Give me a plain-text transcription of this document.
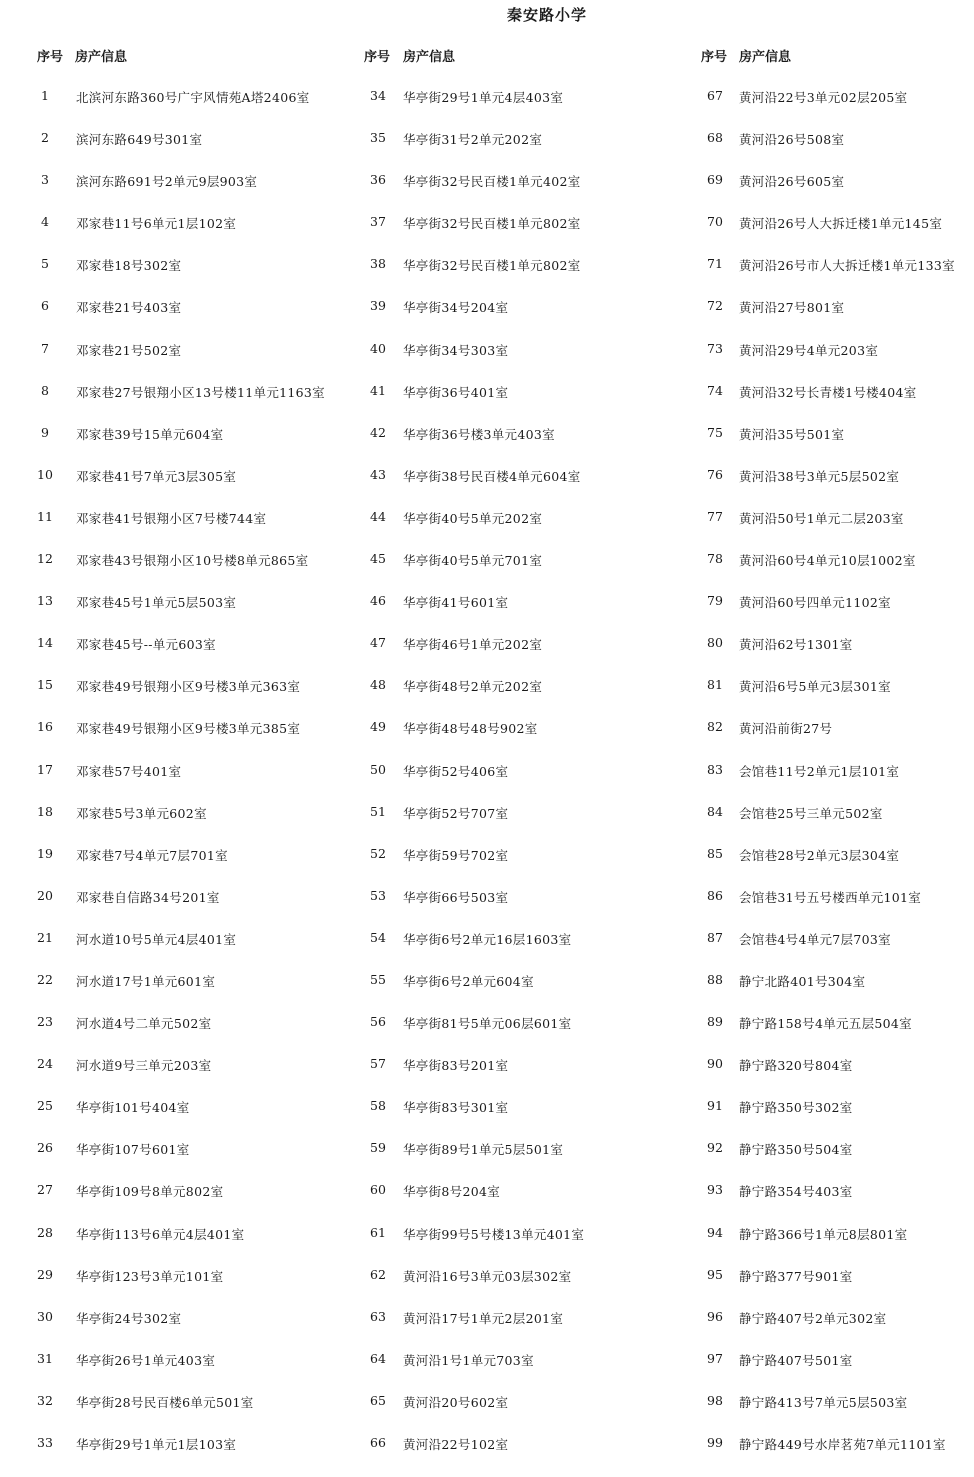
秦安路小学
序号 房产信息
1	北滨河东路360号广宇风情苑A塔2406室
2	滨河东路649号301室
3	滨河东路691号2单元9层903室
4	邓家巷11号6单元1层102室
5	邓家巷18号302室
6	邓家巷21号403室
7	邓家巷21号502室
8	邓家巷27号银翔小区13号楼11单元1163室
9	邓家巷39号15单元604室
10	邓家巷41号7单元3层305室
11	邓家巷41号银翔小区7号楼744室
12	邓家巷43号银翔小区10号楼8单元865室
13	邓家巷45号1单元5层503室
14	邓家巷45号--单元603室
15	邓家巷49号银翔小区9号楼3单元363室
16	邓家巷49号银翔小区9号楼3单元385室
17	邓家巷57号401室
18	邓家巷5号3单元602室
19	邓家巷7号4单元7层701室
20	邓家巷自信路34号201室
21	河水道10号5单元4层401室
22	河水道17号1单元601室
23	河水道4号二单元502室
24	河水道9号三单元203室
25	华亭街101号404室
26	华亭街107号601室
27	华亭街109号8单元802室
28	华亭街113号6单元4层401室
29	华亭街123号3单元101室
30	华亭街24号302室
31	华亭街26号1单元403室
32	华亭街28号民百楼6单元501室
33	华亭街29号1单元1层103室
序号 房产信息
34	华亭街29号1单元4层403室
35	华亭街31号2单元202室
36	华亭街32号民百楼1单元402室
37	华亭街32号民百楼1单元802室
38	华亭街32号民百楼1单元802室
39	华亭街34号204室
40	华亭街34号303室
41	华亭街36号401室
42	华亭街36号楼3单元403室
43	华亭街38号民百楼4单元604室
44	华亭街40号5单元202室
45	华亭街40号5单元701室
46	华亭街41号601室
47	华亭街46号1单元202室
48	华亭街48号2单元202室
49	华亭街48号48号902室
50	华亭街52号406室
51	华亭街52号707室
52	华亭街59号702室
53	华亭街66号503室
54	华亭街6号2单元16层1603室
55	华亭街6号2单元604室
56	华亭街81号5单元06层601室
57	华亭街83号201室
58	华亭街83号301室
59	华亭街89号1单元5层501室
60	华亭街8号204室
61	华亭街99号5号楼13单元401室
62	黄河沿16号3单元03层302室
63	黄河沿17号1单元2层201室
64	黄河沿1号1单元703室
65	黄河沿20号602室
66	黄河沿22号102室
序号 房产信息
67	黄河沿22号3单元02层205室
68	黄河沿26号508室
69	黄河沿26号605室
70	黄河沿26号人大拆迁楼1单元145室
71	黄河沿26号市人大拆迁楼1单元133室
72	黄河沿27号801室
73	黄河沿29号4单元203室
74	黄河沿32号长青楼1号楼404室
75	黄河沿35号501室
76	黄河沿38号3单元5层502室
77	黄河沿50号1单元二层203室
78	黄河沿60号4单元10层1002室
79	黄河沿60号四单元1102室
80	黄河沿62号1301室
81	黄河沿6号5单元3层301室
82	黄河沿前街27号
83	会馆巷11号2单元1层101室
84	会馆巷25号三单元502室
85	会馆巷28号2单元3层304室
86	会馆巷31号五号楼西单元101室
87	会馆巷4号4单元7层703室
88	静宁北路401号304室
89	静宁路158号4单元五层504室
90	静宁路320号804室
91	静宁路350号302室
92	静宁路350号504室
93	静宁路354号403室
94	静宁路366号1单元8层801室
95	静宁路377号901室
96	静宁路407号2单元302室
97	静宁路407号501室
98	静宁路413号7单元5层503室
99	静宁路449号水岸茗苑7单元1101室
